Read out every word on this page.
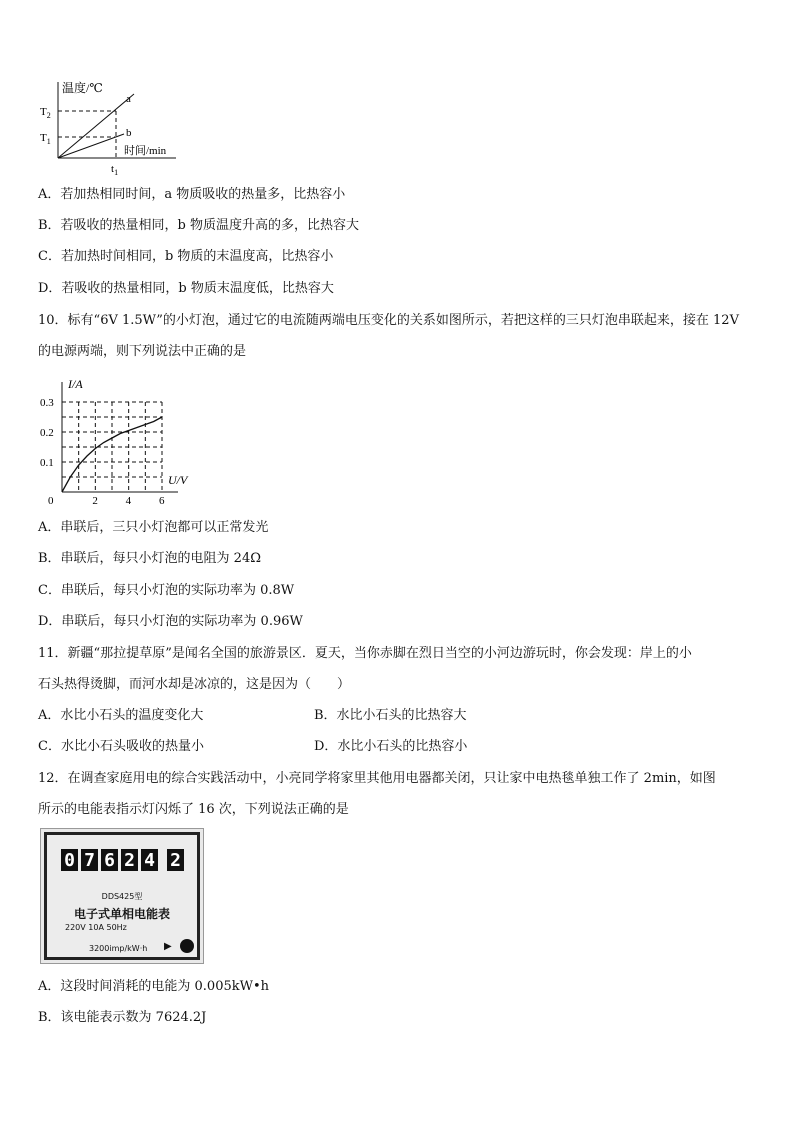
温度/℃
a
b
$T_2$
$T_1$
时间/min
$t_1$
A．若加热相同时间，a 物质吸收的热量多，比热容小
B．若吸收的热量相同，b 物质温度升高的多，比热容大
C．若加热时间相同，b 物质的末温度高，比热容小
D．若吸收的热量相同，b 物质末温度低，比热容大
10．标有“6V 1.5W”的小灯泡，通过它的电流随两端电压变化的关系如图所示，若把这样的三只灯泡串联起来，接在 12V
的电源两端，则下列说法中正确的是
0	2	4	6
0.1
0.2
0.3
I/A
U/V
A．串联后，三只小灯泡都可以正常发光
B．串联后，每只小灯泡的电阻为 24Ω
C．串联后，每只小灯泡的实际功率为 0.8W
D．串联后，每只小灯泡的实际功率为 0.96W
11．新疆“那拉提草原”是闻名全国的旅游景区．夏天，当你赤脚在烈日当空的小河边游玩时，你会发现：岸上的小
石头热得烫脚，而河水却是冰凉的，这是因为（　　）
A．水比小石头的温度变化大	B．水比小石头的比热容大
C．水比小石头吸收的热量小	D．水比小石头的比热容小
12．在调查家庭用电的综合实践活动中，小亮同学将家里其他用电器都关闭，只让家中电热毯单独工作了 2min，如图
所示的电能表指示灯闪烁了 16 次，下列说法正确的是
0 7 6 2 4 2
DDS425型
电子式单相电能表
220V 10A 50Hz
3200imp/kW·h ▶
A．这段时间消耗的电能为 0.005kW•h
B．该电能表示数为 7624.2J
